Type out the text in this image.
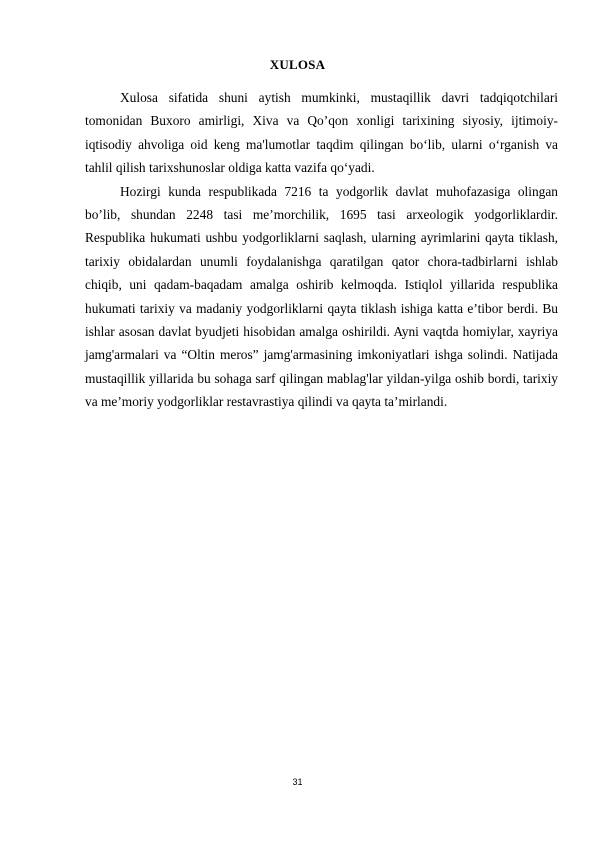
XULOSA

Xulosa sifatida shuni aytish mumkinki, mustaqillik davri tadqiqotchilari tomonidan Buxoro amirligi, Xiva va Qo’qon xonligi tarixining siyosiy, ijtimoiy-iqtisodiy ahvoliga oid keng ma'lumotlar taqdim qilingan bo‘lib, ularni o‘rganish va tahlil qilish tarixshunoslar oldiga katta vazifa qo‘yadi.

Hozirgi kunda respublikada 7216 ta yodgorlik davlat muhofazasiga olingan bo’lib, shundan 2248 tasi me’morchilik, 1695 tasi arxeologik yodgorliklardir. Respublika hukumati ushbu yodgorliklarni saqlash, ularning ayrimlarini qayta tiklash, tarixiy obidalardan unumli foydalanishga qaratilgan qator chora-tadbirlarni ishlab chiqib, uni qadam-baqadam amalga oshirib kelmoqda. Istiqlol yillarida respublika hukumati tarixiy va madaniy yodgorliklarni qayta tiklash ishiga katta e’tibor berdi. Bu ishlar asosan davlat byudjeti hisobidan amalga oshirildi. Ayni vaqtda homiylar, xayriya jamg'armalari va “Oltin meros” jamg'armasining imkoniyatlari ishga solindi. Natijada mustaqillik yillarida bu sohaga sarf qilingan mablag'lar yildan-yilga oshib bordi, tarixiy va me’moriy yodgorliklar restavrastiya qilindi va qayta ta’mirlandi.

31
